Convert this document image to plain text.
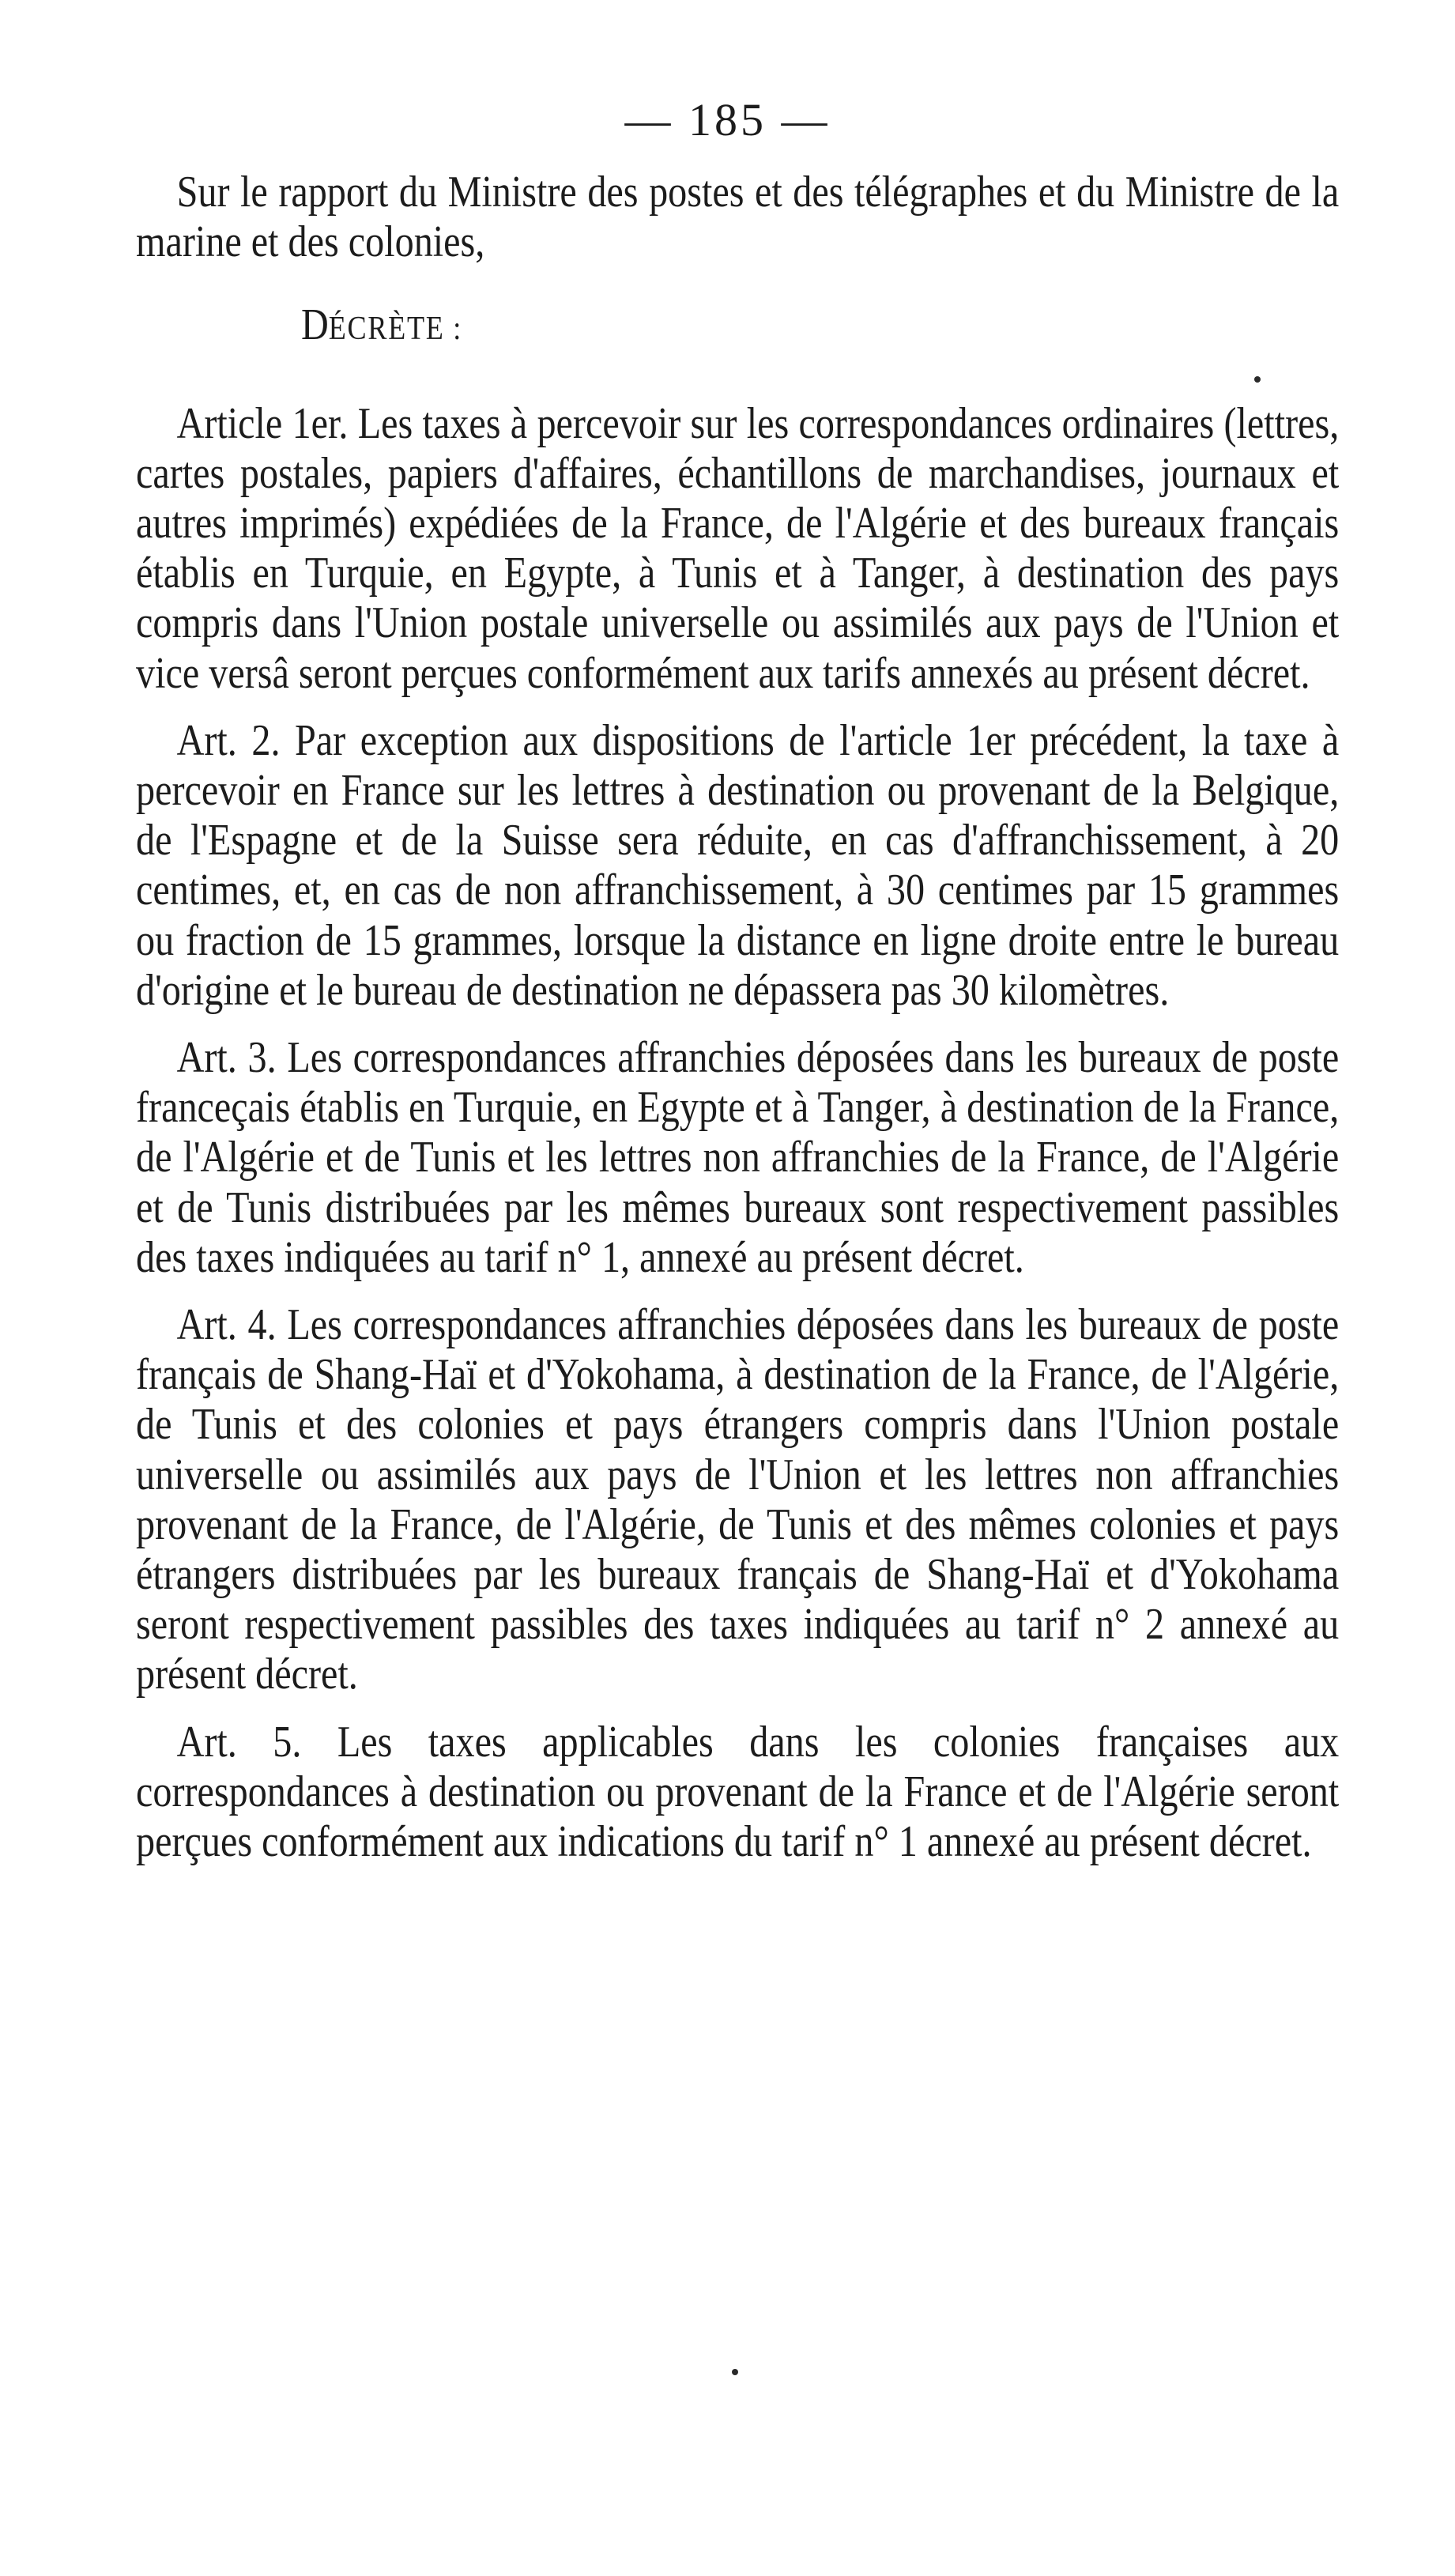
— 185 —

Sur le rapport du Ministre des postes et des télégraphes et du Ministre de la marine et des colonies,

DÉCRÈTE :

Article 1er. Les taxes à percevoir sur les correspondances ordinaires (lettres, cartes postales, papiers d'affaires, échantillons de marchandises, journaux et autres imprimés) expédiées de la France, de l'Algérie et des bureaux français établis en Turquie, en Egypte, à Tunis et à Tanger, à destination des pays compris dans l'Union postale universelle ou assimilés aux pays de l'Union et vice versâ seront perçues conformément aux tarifs annexés au présent décret.

Art. 2. Par exception aux dispositions de l'article 1er précédent, la taxe à percevoir en France sur les lettres à destination ou provenant de la Belgique, de l'Espagne et de la Suisse sera réduite, en cas d'affranchissement, à 20 centimes, et, en cas de non affranchissement, à 30 centimes par 15 grammes ou fraction de 15 grammes, lorsque la distance en ligne droite entre le bureau d'origine et le bureau de destination ne dépassera pas 30 kilomètres.

Art. 3. Les correspondances affranchies déposées dans les bureaux de poste franceçais établis en Turquie, en Egypte et à Tanger, à destination de la France, de l'Algérie et de Tunis et les lettres non affranchies de la France, de l'Algérie et de Tunis distribuées par les mêmes bureaux sont respectivement passibles des taxes indiquées au tarif n° 1, annexé au présent décret.

Art. 4. Les correspondances affranchies déposées dans les bureaux de poste français de Shang-Haï et d'Yokohama, à destination de la France, de l'Algérie, de Tunis et des colonies et pays étrangers compris dans l'Union postale universelle ou assimilés aux pays de l'Union et les lettres non affranchies provenant de la France, de l'Algérie, de Tunis et des mêmes colonies et pays étrangers distribuées par les bureaux français de Shang-Haï et d'Yokohama seront respectivement passibles des taxes indiquées au tarif n° 2 annexé au présent décret.

Art. 5. Les taxes applicables dans les colonies françaises aux correspondances à destination ou provenant de la France et de l'Algérie seront perçues conformément aux indications du tarif n° 1 annexé au présent décret.
